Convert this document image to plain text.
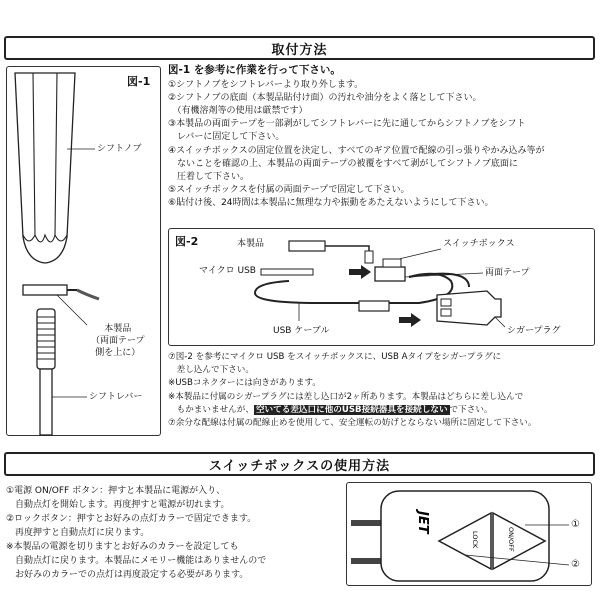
取付方法
図-1
シフトノブ
本製品
（両面テープ
側を上に）
シフトレバー
図-1 を参考に作業を行って下さい。

①シフトノブをシフトレバーより取り外します。

②シフトノブの底面（本製品貼付け面）の汚れや油分をよく落として下さい。

　（有機溶剤等の使用は厳禁です）

③本製品の両面テープを一部剥がしてシフトレバーに先に通してからシフトノブをシフト

　レバーに固定して下さい。

④スイッチボックスの固定位置を決定し、すべてのギア位置で配線の引っ張りやかみ込み等が

　ないことを確認の上、本製品の両面テープの被覆をすべて剥がしてシフトノブ底面に

　圧着して下さい。

⑤スイッチボックスを付属の両面テープで固定して下さい。

⑥貼付け後、24時間は本製品に無理な力や振動をあたえないようにして下さい。

図-2	本製品
マイクロ USB
スイッチボックス
両面テープ
USB ケーブル	シガープラグ

⑦図-2 を参考にマイクロ USB をスイッチボックスに、USB Aタイプをシガープラグに

　差し込んで下さい。

※USBコネクターには向きがあります。

※本製品に付属のシガープラグには差し込口が2ヶ所あります。本製品はどちらに差し込んで

　もかまいませんが、 空いてる差込口に他のUSB接続器具を接続しない で下さい。

⑦余分な配線は付属の配線止めを使用して、安全運転の妨げとならない場所に固定して下さい。

スイッチボックスの使用方法

①電源 ON/OFF ボタン：押すと本製品に電源が入り、

　自動点灯を開始します。再度押すと電源が切れます。

②ロックボタン：押すとお好みの点灯カラーで固定できます。

　再度押すと自動点灯に戻ります。

※本製品の電源を切りますとお好みのカラーを設定しても

　自動点灯に戻ります。本製品にメモリー機能はありませんので

　お好みのカラーでの点灯は再度設定する必要があります。

ON/OFF
LOCK
JET	①
②
